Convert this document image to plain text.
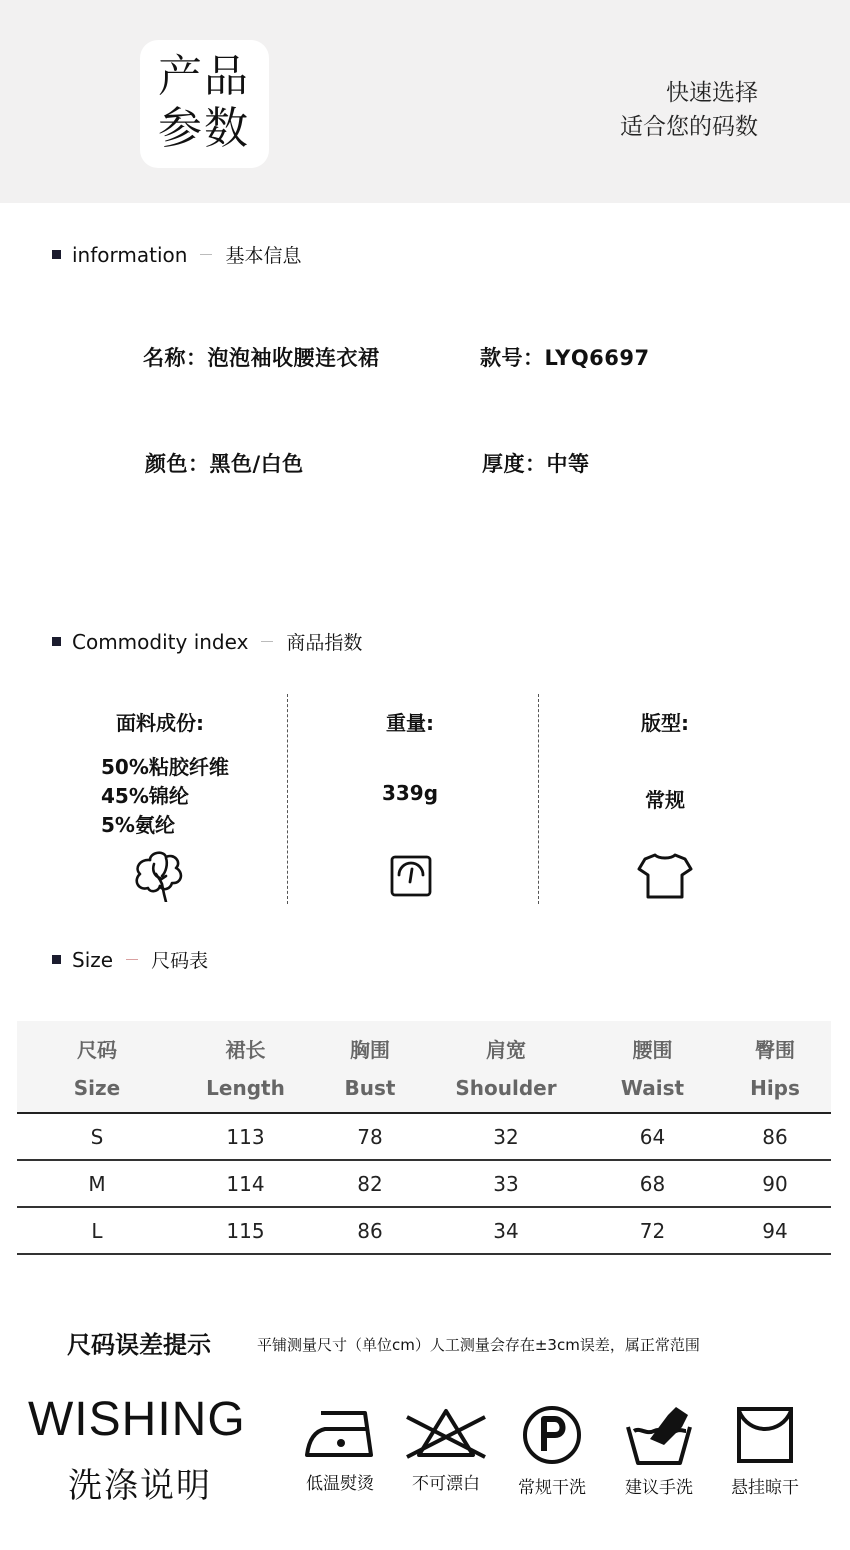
产品
参数
快速选择
适合您的码数
information 基本信息
名称：泡泡袖收腰连衣裙	款号：LYQ6697
颜色：黑色/白色	厚度：中等
Commodity index 商品指数
面料成份:
50%粘胶纤维
45%锦纶
5%氨纶
重量:
339g
版型:
常规
Size 尺码表
尺码	裙长	胸围	肩宽	腰围	臀围
Size	Length	Bust	Shoulder	Waist	Hips
S	113	78	32	64	86
M	114	82	33	68	90
L	115	86	34	72	94
尺码误差提示	平铺测量尺寸（单位cm）人工测量会存在±3cm误差，属正常范围
WISHING
洗涤说明	低温熨烫	不可漂白	常规干洗	建议手洗	悬挂晾干
